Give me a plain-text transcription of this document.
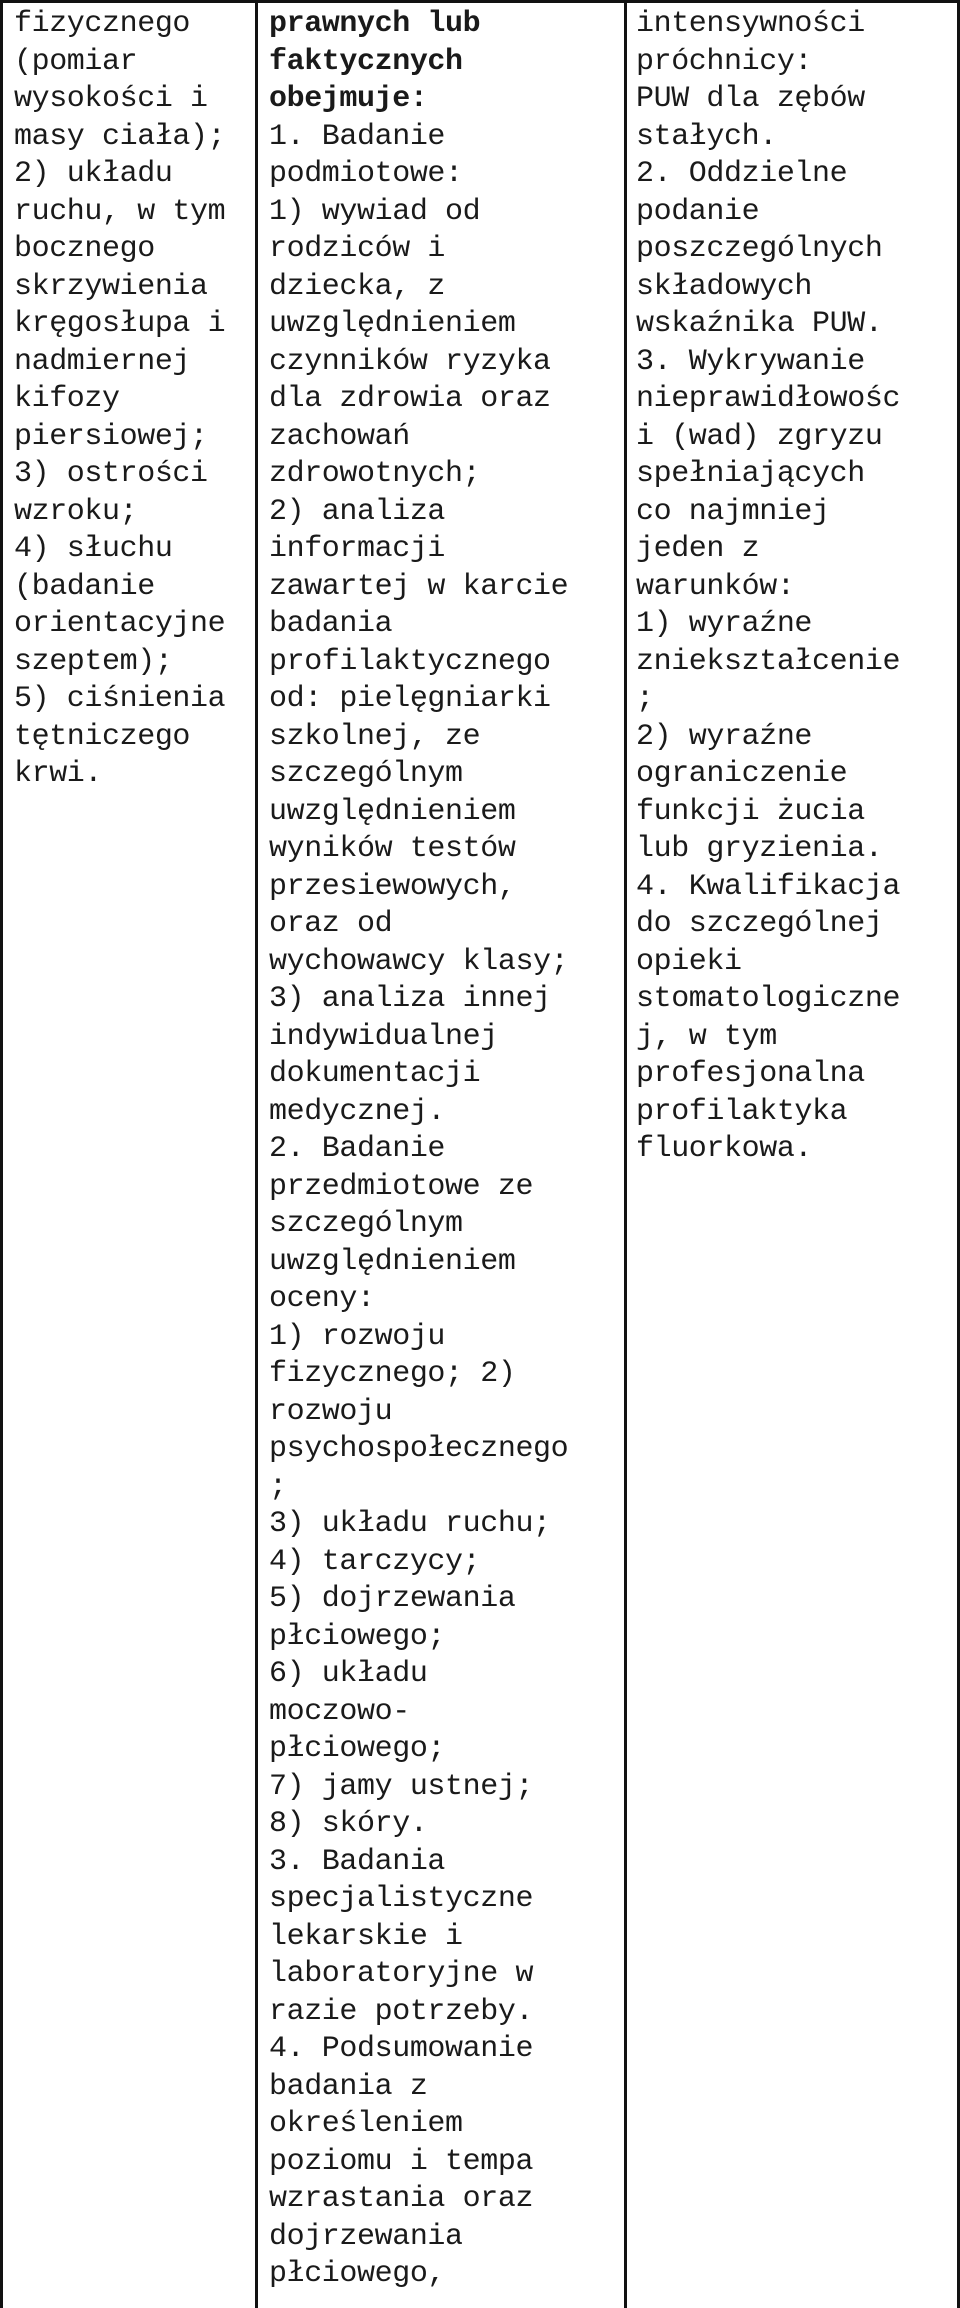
fizycznego
(pomiar
wysokości i
masy ciała);
2) układu
ruchu, w tym
bocznego
skrzywienia
kręgosłupa i
nadmiernej
kifozy
piersiowej;
3) ostrości
wzroku;
4) słuchu
(badanie
orientacyjne
szeptem);
5) ciśnienia
tętniczego
krwi.
prawnych lub
faktycznych
obejmuje:
1. Badanie
podmiotowe:
1) wywiad od
rodziców i
dziecka, z
uwzględnieniem
czynników ryzyka
dla zdrowia oraz
zachowań
zdrowotnych;
2) analiza
informacji
zawartej w karcie
badania
profilaktycznego
od: pielęgniarki
szkolnej, ze
szczególnym
uwzględnieniem
wyników testów
przesiewowych,
oraz od
wychowawcy klasy;
3) analiza innej
indywidualnej
dokumentacji
medycznej.
2. Badanie
przedmiotowe ze
szczególnym
uwzględnieniem
oceny:
1) rozwoju
fizycznego; 2)
rozwoju
psychospołecznego
;
3) układu ruchu;
4) tarczycy;
5) dojrzewania
płciowego;
6) układu
moczowo-
płciowego;
7) jamy ustnej;
8) skóry.
3. Badania
specjalistyczne
lekarskie i
laboratoryjne w
razie potrzeby.
4. Podsumowanie
badania z
określeniem
poziomu i tempa
wzrastania oraz
dojrzewania
płciowego,
intensywności
próchnicy:
PUW dla zębów
stałych.
2. Oddzielne
podanie
poszczególnych
składowych
wskaźnika PUW.
3. Wykrywanie
nieprawidłowośc
i (wad) zgryzu
spełniających
co najmniej
jeden z
warunków:
1) wyraźne
zniekształcenie
;
2) wyraźne
ograniczenie
funkcji żucia
lub gryzienia.
4. Kwalifikacja
do szczególnej
opieki
stomatologiczne
j, w tym
profesjonalna
profilaktyka
fluorkowa.
